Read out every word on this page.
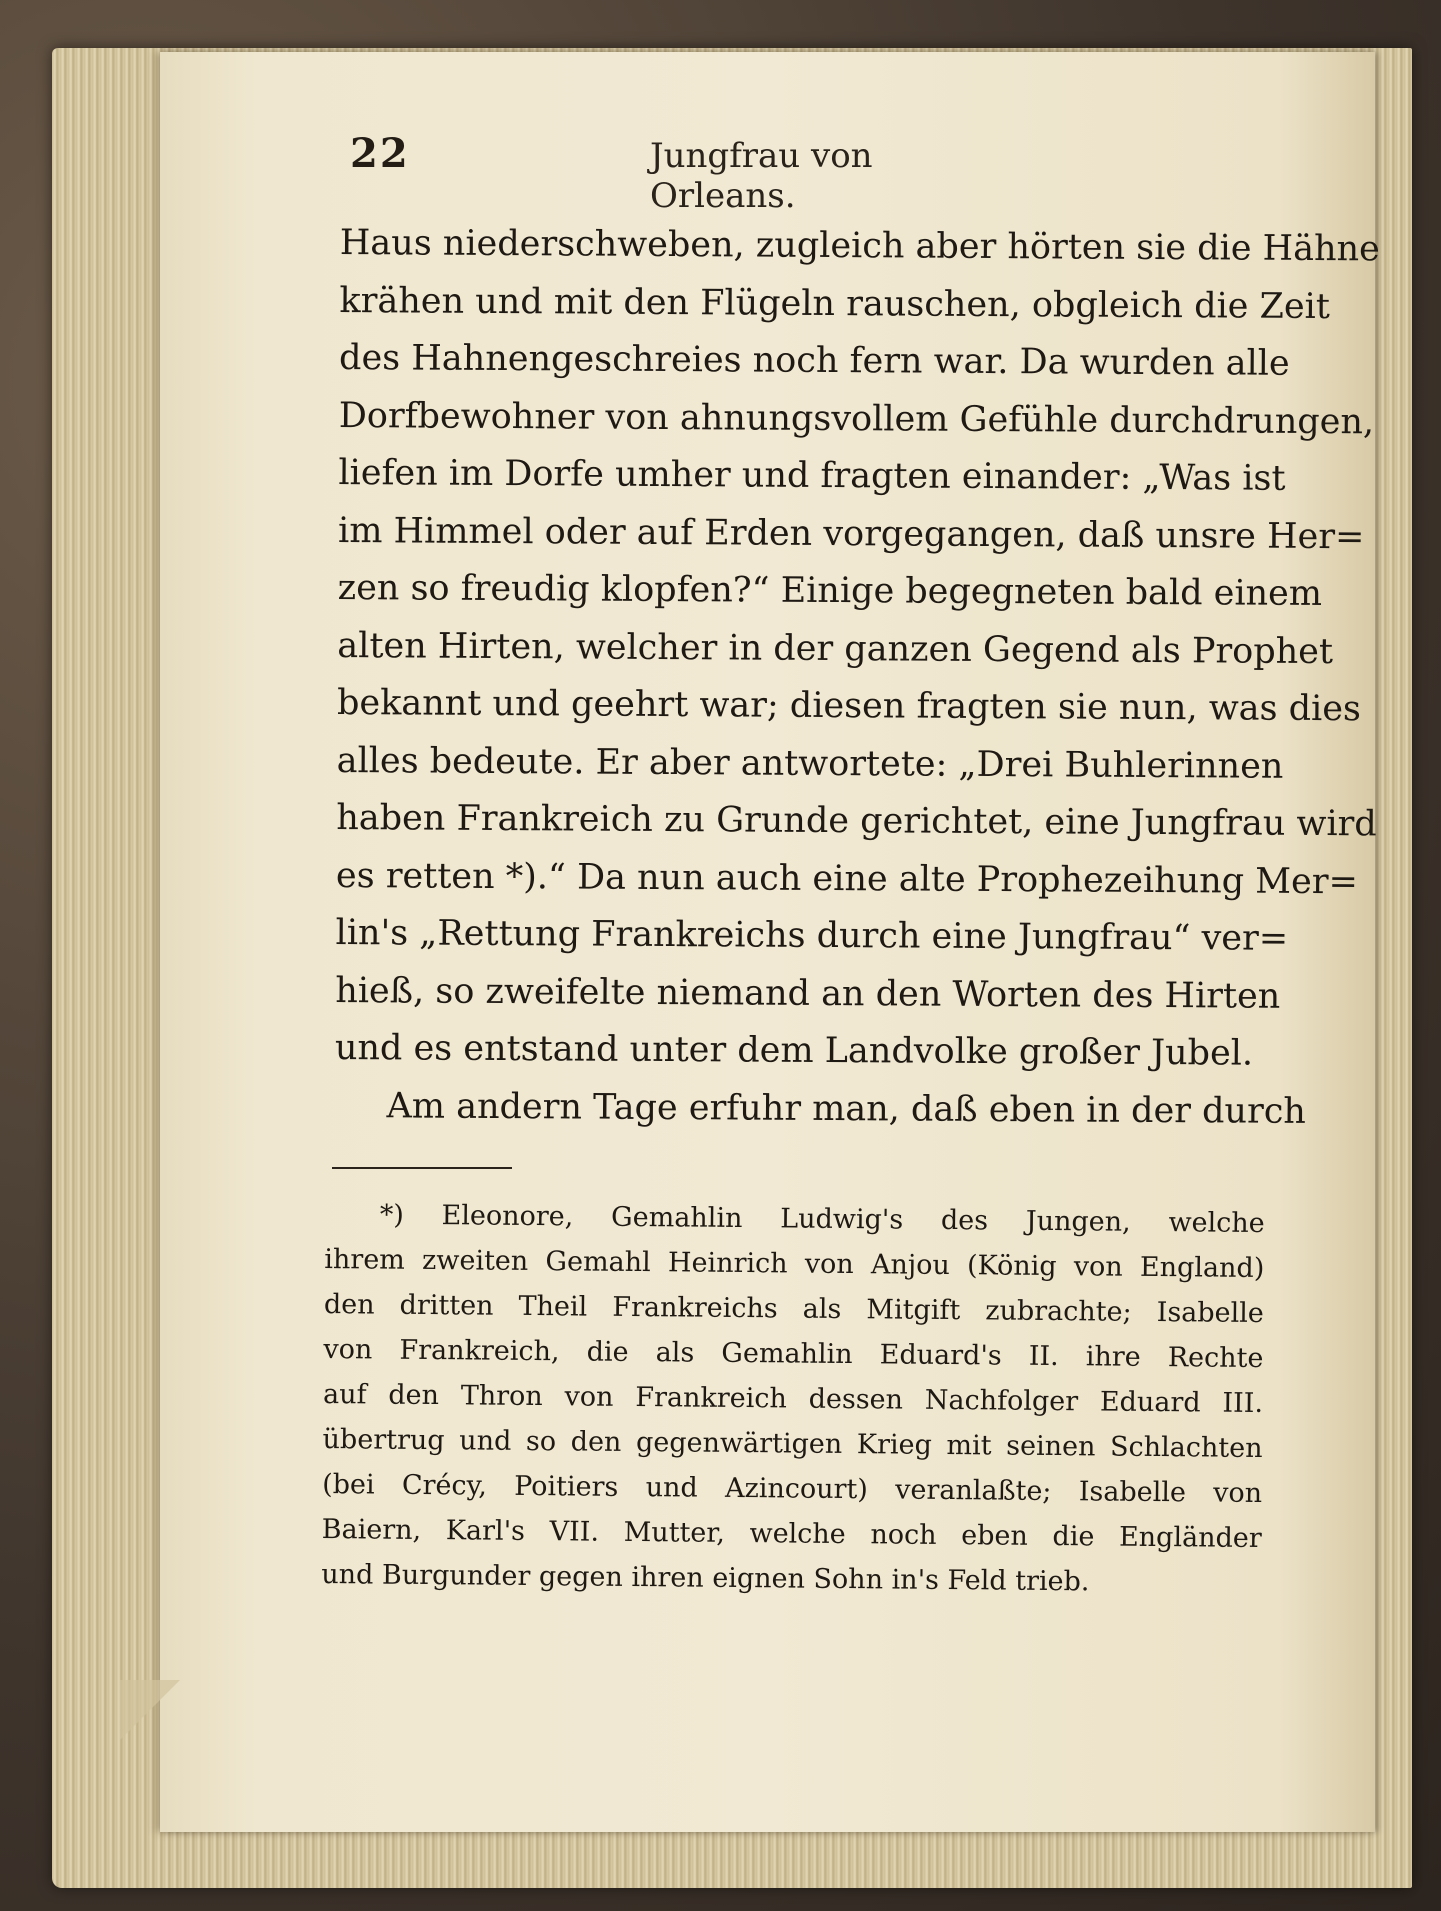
22	Jungfrau von Orleans.
Haus niederschweben, zugleich aber hörten sie die Hähne
krähen und mit den Flügeln rauschen, obgleich die Zeit
des Hahnengeschreies noch fern war. Da wurden alle
Dorfbewohner von ahnungsvollem Gefühle durchdrungen,
liefen im Dorfe umher und fragten einander: „Was ist
im Himmel oder auf Erden vorgegangen, daß unsre Her=
zen so freudig klopfen?“ Einige begegneten bald einem
alten Hirten, welcher in der ganzen Gegend als Prophet
bekannt und geehrt war; diesen fragten sie nun, was dies
alles bedeute. Er aber antwortete: „Drei Buhlerinnen
haben Frankreich zu Grunde gerichtet, eine Jungfrau wird
es retten *).“ Da nun auch eine alte Prophezeihung Mer=
lin's „Rettung Frankreichs durch eine Jungfrau“ ver=
hieß, so zweifelte niemand an den Worten des Hirten
und es entstand unter dem Landvolke großer Jubel.
Am andern Tage erfuhr man, daß eben in der durch
*) Eleonore, Gemahlin Ludwig's des Jungen, welche
ihrem zweiten Gemahl Heinrich von Anjou (König von England)
den dritten Theil Frankreichs als Mitgift zubrachte; Isabelle
von Frankreich, die als Gemahlin Eduard's II. ihre Rechte
auf den Thron von Frankreich dessen Nachfolger Eduard III.
übertrug und so den gegenwärtigen Krieg mit seinen Schlachten
(bei Crécy, Poitiers und Azincourt) veranlaßte; Isabelle von
Baiern, Karl's VII. Mutter, welche noch eben die Engländer
und Burgunder gegen ihren eignen Sohn in's Feld trieb.
